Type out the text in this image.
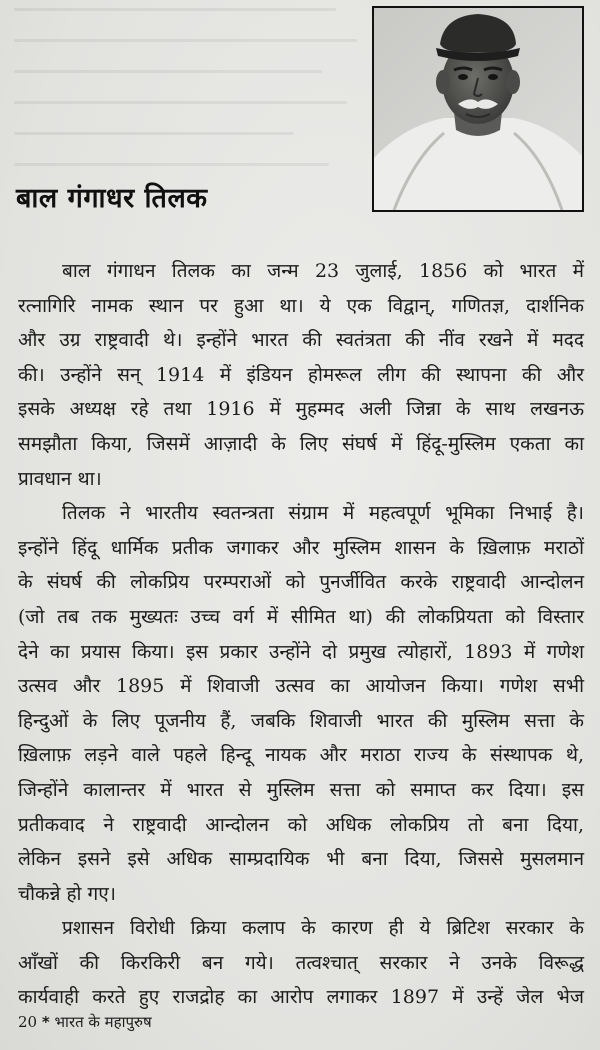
बाल गंगाधर तिलक

बाल गंगाधन तिलक का जन्म 23 जुलाई, 1856 को भारत में
रत्नागिरि नामक स्थान पर हुआ था। ये एक विद्वान्, गणितज्ञ, दार्शनिक
और उग्र राष्ट्रवादी थे। इन्होंने भारत की स्वतंत्रता की नींव रखने में मदद
की। उन्होंने सन् 1914 में इंडियन होमरूल लीग की स्थापना की और
इसके अध्यक्ष रहे तथा 1916 में मुहम्मद अली जिन्ना के साथ लखनऊ
समझौता किया, जिसमें आज़ादी के लिए संघर्ष में हिंदू-मुस्लिम एकता का
प्रावधान था।

तिलक ने भारतीय स्वतन्त्रता संग्राम में महत्वपूर्ण भूमिका निभाई है।
इन्होंने हिंदू धार्मिक प्रतीक जगाकर और मुस्लिम शासन के ख़िलाफ़ मराठों
के संघर्ष की लोकप्रिय परम्पराओं को पुनर्जीवित करके राष्ट्रवादी आन्दोलन
(जो तब तक मुख्यतः उच्च वर्ग में सीमित था) की लोकप्रियता को विस्तार
देने का प्रयास किया। इस प्रकार उन्होंने दो प्रमुख त्योहारों, 1893 में गणेश
उत्सव और 1895 में शिवाजी उत्सव का आयोजन किया। गणेश सभी
हिन्दुओं के लिए पूजनीय हैं, जबकि शिवाजी भारत की मुस्लिम सत्ता के
ख़िलाफ़ लड़ने वाले पहले हिन्दू नायक और मराठा राज्य के संस्थापक थे,
जिन्होंने कालान्तर में भारत से मुस्लिम सत्ता को समाप्त कर दिया। इस
प्रतीकवाद ने राष्ट्रवादी आन्दोलन को अधिक लोकप्रिय तो बना दिया,
लेकिन इसने इसे अधिक साम्प्रदायिक भी बना दिया, जिससे मुसलमान
चौकन्ने हो गए।

प्रशासन विरोधी क्रिया कलाप के कारण ही ये ब्रिटिश सरकार के
आँखों की किरकिरी बन गये। तत्वश्चात् सरकार ने उनके विरूद्ध
कार्यवाही करते हुए राजद्रोह का आरोप लगाकर 1897 में उन्हें जेल भेज

20 * भारत के महापुरुष
